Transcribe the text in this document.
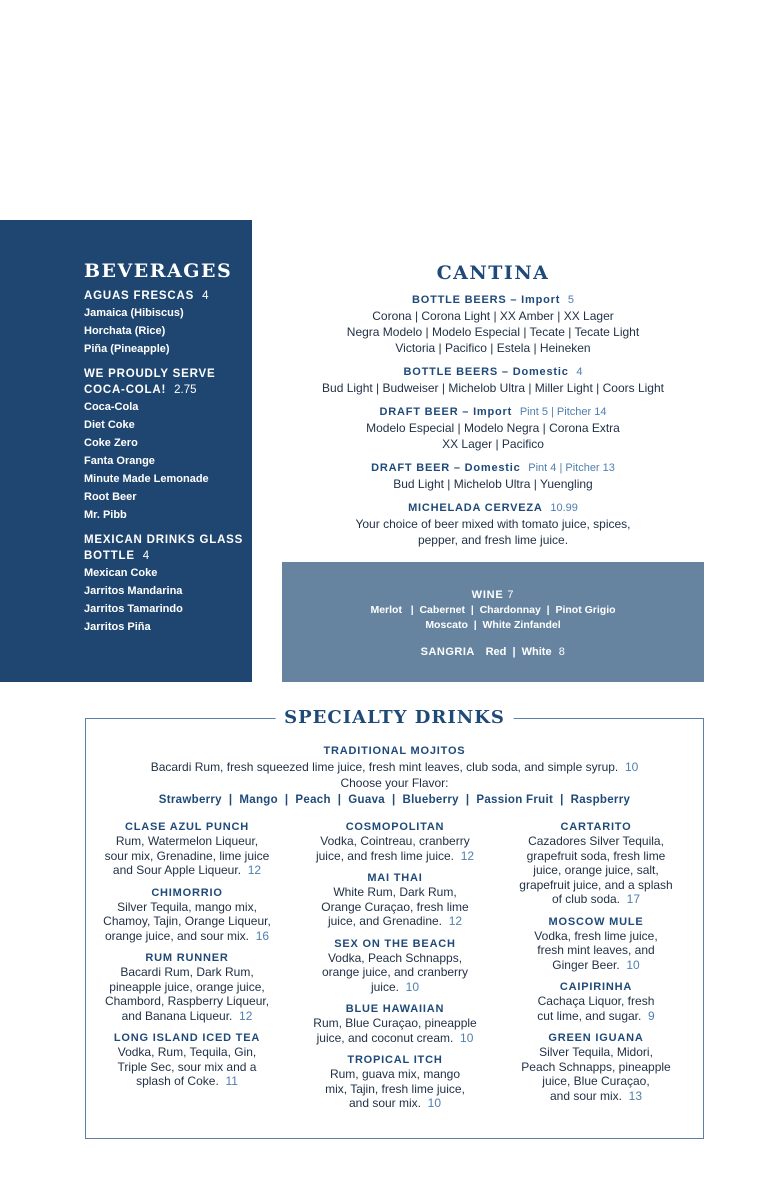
BEVERAGES
AGUAS FRESCAS 4
Jamaica (Hibiscus)
Horchata (Rice)
Piña (Pineapple)
WE PROUDLY SERVE
COCA-COLA! 2.75
Coca-Cola
Diet Coke
Coke Zero
Fanta Orange
Minute Made Lemonade
Root Beer
Mr. Pibb
MEXICAN DRINKS GLASS
BOTTLE 4
Mexican Coke
Jarritos Mandarina
Jarritos Tamarindo
Jarritos Piña
CANTINA
BOTTLE BEERS – Import 5
Corona | Corona Light | XX Amber | XX Lager
Negra Modelo | Modelo Especial | Tecate | Tecate Light
Victoria | Pacifico | Estela | Heineken
BOTTLE BEERS – Domestic 4
Bud Light | Budweiser | Michelob Ultra | Miller Light | Coors Light
DRAFT BEER – Import Pint 5 | Pitcher 14
Modelo Especial | Modelo Negra | Corona Extra
XX Lager | Pacifico
DRAFT BEER – Domestic Pint 4 | Pitcher 13
Bud Light | Michelob Ultra | Yuengling
MICHELADA CERVEZA 10.99
Your choice of beer mixed with tomato juice, spices,
pepper, and fresh lime juice.
WINE 7
Merlot   |  Cabernet  |  Chardonnay  |  Pinot Grigio
Moscato  |  White Zinfandel
SANGRIA Red  |  White 8
SPECIALTY DRINKS
TRADITIONAL MOJITOS
Bacardi Rum, fresh squeezed lime juice, fresh mint leaves, club soda, and simple syrup. 10
Choose your Flavor:
Strawberry  |  Mango  |  Peach  |  Guava  |  Blueberry  |  Passion Fruit  |  Raspberry
CLASE AZUL PUNCH
Rum, Watermelon Liqueur,
sour mix, Grenadine, lime juice
and Sour Apple Liqueur. 12
CHIMORRIO
Silver Tequila, mango mix,
Chamoy, Tajin, Orange Liqueur,
orange juice, and sour mix. 16
RUM RUNNER
Bacardi Rum, Dark Rum,
pineapple juice, orange juice,
Chambord, Raspberry Liqueur,
and Banana Liqueur. 12
LONG ISLAND ICED TEA
Vodka, Rum, Tequila, Gin,
Triple Sec, sour mix and a
splash of Coke. 11
COSMOPOLITAN
Vodka, Cointreau, cranberry
juice, and fresh lime juice. 12
MAI THAI
White Rum, Dark Rum,
Orange Curaçao, fresh lime
juice, and Grenadine. 12
SEX ON THE BEACH
Vodka, Peach Schnapps,
orange juice, and cranberry
juice. 10
BLUE HAWAIIAN
Rum, Blue Curaçao, pineapple
juice, and coconut cream. 10
TROPICAL ITCH
Rum, guava mix, mango
mix, Tajin, fresh lime juice,
and sour mix. 10
CARTARITO
Cazadores Silver Tequila,
grapefruit soda, fresh lime
juice, orange juice, salt,
grapefruit juice, and a splash
of club soda. 17
MOSCOW MULE
Vodka, fresh lime juice,
fresh mint leaves, and
Ginger Beer. 10
CAIPIRINHA
Cachaça Liquor, fresh
cut lime, and sugar. 9
GREEN IGUANA
Silver Tequila, Midori,
Peach Schnapps, pineapple
juice, Blue Curaçao,
and sour mix. 13
